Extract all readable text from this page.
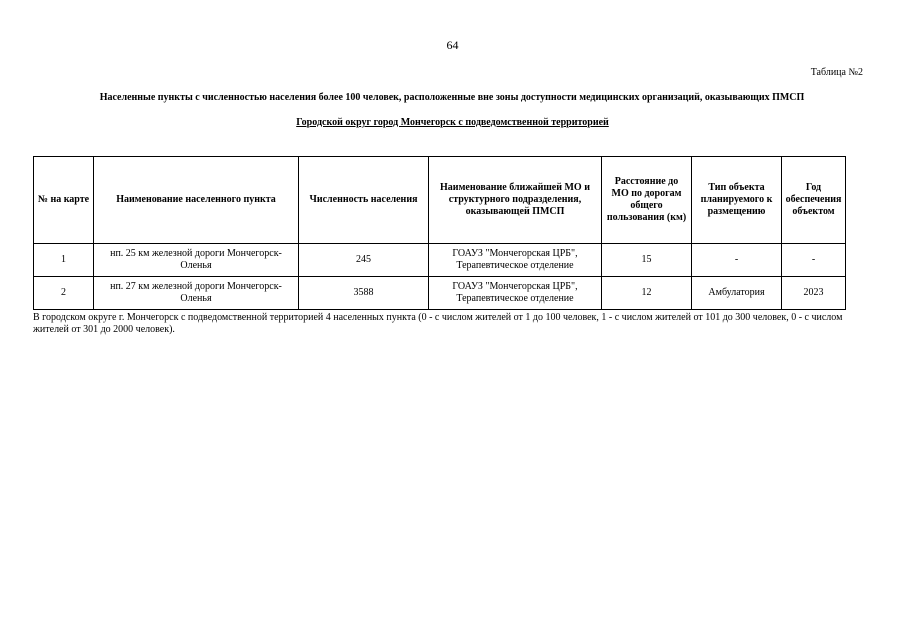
64
Таблица №2
Населенные пункты с численностью населения более 100 человек, расположенные вне зоны доступности медицинских организаций, оказывающих ПМСП
Городской округ город Мончегорск с подведомственной территорией
№ на карте	Наименование населенного пункта	Численность населения	Наименование ближайшей МО и структурного подразделения, оказывающей ПМСП	Расстояние до МО по дорогам общего пользования (км)	Тип объекта планируемого к размещению	Год обеспечения объектом
1	нп. 25 км железной дороги Мончегорск-Оленья	245	ГОАУЗ "Мончегорская ЦРБ", Терапевтическое отделение	15	-	-
2	нп. 27 км железной дороги Мончегорск-Оленья	3588	ГОАУЗ "Мончегорская ЦРБ", Терапевтическое отделение	12	Амбулатория	2023
В городском округе г. Мончегорск с подведомственной территорией 4 населенных пункта (0 - с числом жителей от 1 до 100 человек, 1 - с числом жителей от 101 до 300 человек, 0 - с числом жителей от 301 до 2000 человек).
